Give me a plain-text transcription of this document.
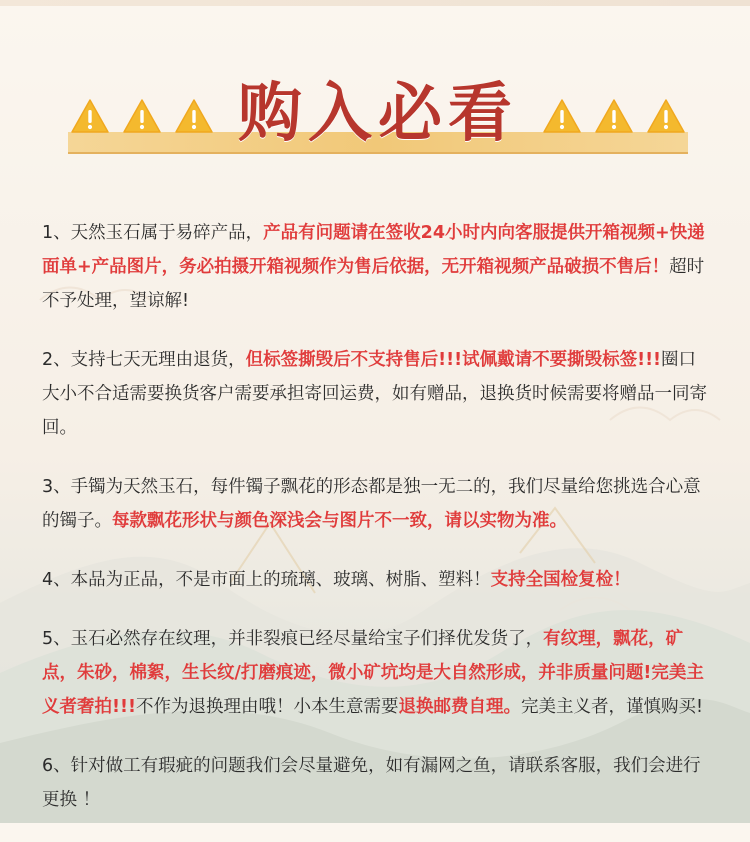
购入必看

1、天然玉石属于易碎产品，产品有问题请在签收24小时内向客服提供开箱视频+快递面单+产品图片，务必拍摄开箱视频作为售后依据，无开箱视频产品破损不售后！超时不予处理，望谅解!

2、支持七天无理由退货，但标签撕毁后不支持售后!!!试佩戴请不要撕毁标签!!!圈口大小不合适需要换货客户需要承担寄回运费，如有赠品，退换货时候需要将赠品一同寄回。

3、手镯为天然玉石，每件镯子飘花的形态都是独一无二的，我们尽量给您挑选合心意的镯子。每款飘花形状与颜色深浅会与图片不一致，请以实物为准。

4、本品为正品，不是市面上的琉璃、玻璃、树脂、塑料！支持全国检复检！

5、玉石必然存在纹理，并非裂痕已经尽量给宝子们择优发货了，有纹理，飘花，矿点，朱砂，棉絮，生长纹/打磨痕迹，微小矿坑均是大自然形成，并非质量问题!完美主义者奢拍!!!不作为退换理由哦！小本生意需要退换邮费自理。完美主义者，谨慎购买!

6、针对做工有瑕疵的问题我们会尽量避免，如有漏网之鱼，请联系客服，我们会进行更换 ！
